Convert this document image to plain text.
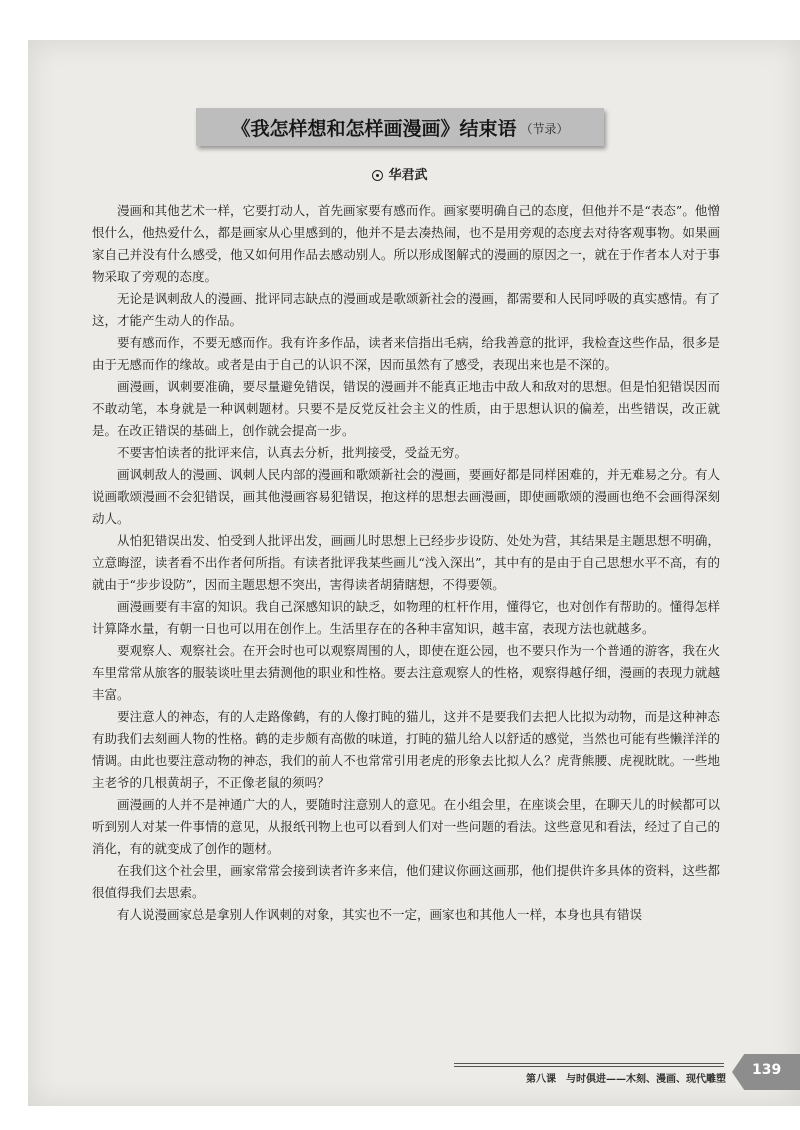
《我怎样想和怎样画漫画》结束语 （节录）
华君武

漫画和其他艺术一样，它要打动人，首先画家要有感而作。画家要明确自己的态度，但他并不是“表态”。他憎恨什么，他热爱什么，都是画家从心里感到的，他并不是去凑热闹，也不是用旁观的态度去对待客观事物。如果画家自己并没有什么感受，他又如何用作品去感动别人。所以形成图解式的漫画的原因之一，就在于作者本人对于事物采取了旁观的态度。

无论是讽刺敌人的漫画、批评同志缺点的漫画或是歌颂新社会的漫画，都需要和人民同呼吸的真实感情。有了这，才能产生动人的作品。

要有感而作，不要无感而作。我有许多作品，读者来信指出毛病，给我善意的批评，我检查这些作品，很多是由于无感而作的缘故。或者是由于自己的认识不深，因而虽然有了感受，表现出来也是不深的。

画漫画，讽刺要准确，要尽量避免错误，错误的漫画并不能真正地击中敌人和敌对的思想。但是怕犯错误因而不敢动笔，本身就是一种讽刺题材。只要不是反党反社会主义的性质，由于思想认识的偏差，出些错误，改正就是。在改正错误的基础上，创作就会提高一步。

不要害怕读者的批评来信，认真去分析，批判接受，受益无穷。

画讽刺敌人的漫画、讽刺人民内部的漫画和歌颂新社会的漫画，要画好都是同样困难的，并无难易之分。有人说画歌颂漫画不会犯错误，画其他漫画容易犯错误，抱这样的思想去画漫画，即使画歌颂的漫画也绝不会画得深刻动人。

从怕犯错误出发、怕受到人批评出发，画画儿时思想上已经步步设防、处处为营，其结果是主题思想不明确，立意晦涩，读者看不出作者何所指。有读者批评我某些画儿“浅入深出”，其中有的是由于自己思想水平不高，有的就由于“步步设防”，因而主题思想不突出，害得读者胡猜瞎想，不得要领。

画漫画要有丰富的知识。我自己深感知识的缺乏，如物理的杠杆作用，懂得它，也对创作有帮助的。懂得怎样计算降水量，有朝一日也可以用在创作上。生活里存在的各种丰富知识，越丰富，表现方法也就越多。

要观察人、观察社会。在开会时也可以观察周围的人，即使在逛公园，也不要只作为一个普通的游客，我在火车里常常从旅客的服装谈吐里去猜测他的职业和性格。要去注意观察人的性格，观察得越仔细，漫画的表现力就越丰富。

要注意人的神态，有的人走路像鹤，有的人像打盹的猫儿，这并不是要我们去把人比拟为动物，而是这种神态有助我们去刻画人物的性格。鹤的走步颇有高傲的味道，打盹的猫儿给人以舒适的感觉，当然也可能有些懒洋洋的情调。由此也要注意动物的神态，我们的前人不也常常引用老虎的形象去比拟人么？虎背熊腰、虎视眈眈。一些地主老爷的几根黄胡子，不正像老鼠的须吗？

画漫画的人并不是神通广大的人，要随时注意别人的意见。在小组会里，在座谈会里，在聊天儿的时候都可以听到别人对某一件事情的意见，从报纸刊物上也可以看到人们对一些问题的看法。这些意见和看法，经过了自己的消化，有的就变成了创作的题材。

在我们这个社会里，画家常常会接到读者许多来信，他们建议你画这画那，他们提供许多具体的资料，这些都很值得我们去思索。

有人说漫画家总是拿别人作讽刺的对象，其实也不一定，画家也和其他人一样，本身也具有错误

第八课　与时俱进——木刻、漫画、现代雕塑
139
